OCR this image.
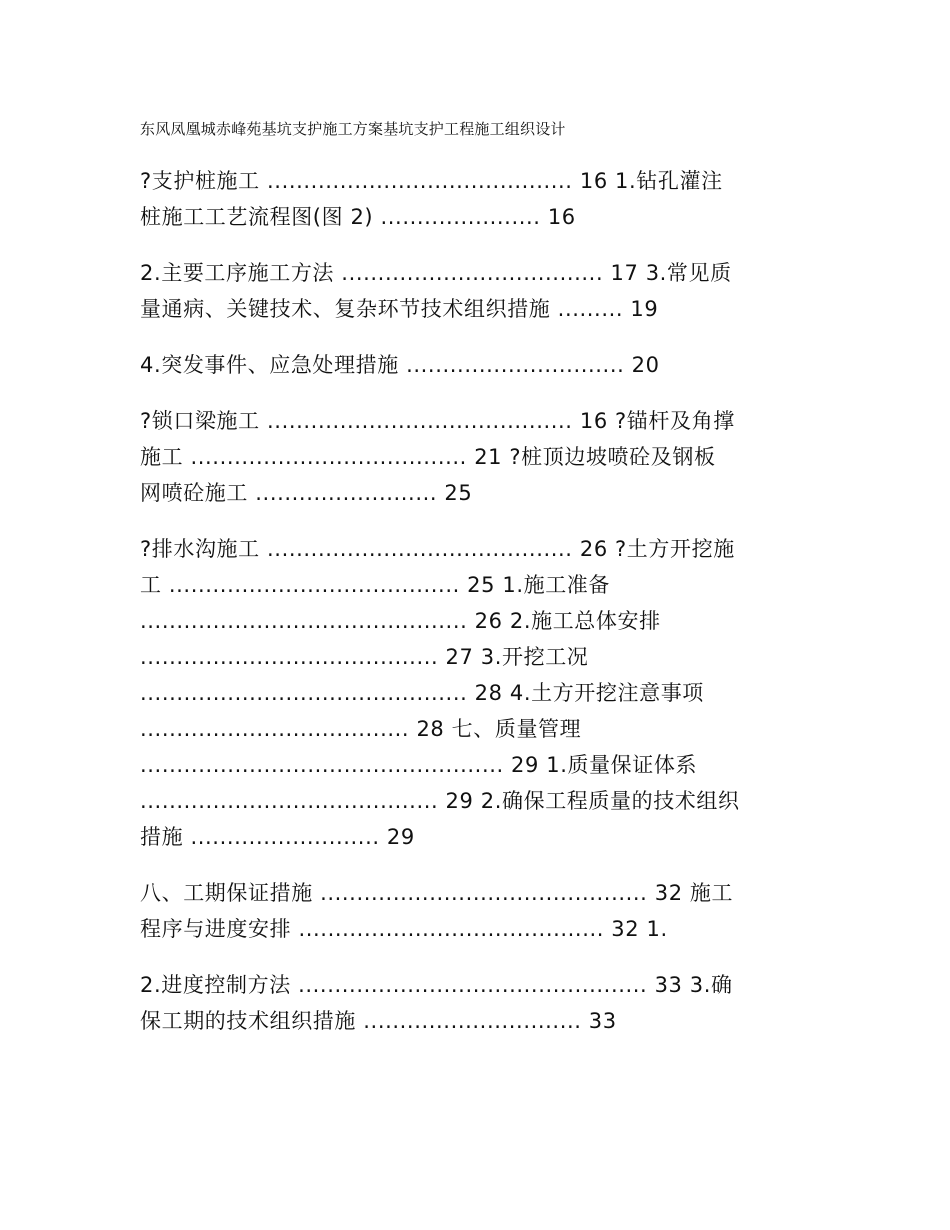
东风凤凰城赤峰苑基坑支护施工方案基坑支护工程施工组织设计

?支护桩施工 .......................................... 16 1.钻孔灌注
桩施工工艺流程图(图 2) ...................... 16

2.主要工序施工方法 .................................... 17 3.常见质
量通病、关键技术、复杂环节技术组织措施 ......... 19

4.突发事件、应急处理措施 .............................. 20

?锁口梁施工 .......................................... 16 ?锚杆及角撑
施工 ...................................... 21 ?桩顶边坡喷砼及钢板
网喷砼施工 ......................... 25

?排水沟施工 .......................................... 26 ?土方开挖施
工 ........................................ 25 1.施工准备
............................................. 26 2.施工总体安排
......................................... 27 3.开挖工况
............................................. 28 4.土方开挖注意事项
..................................... 28 七、质量管理
.................................................. 29 1.质量保证体系
......................................... 29 2.确保工程质量的技术组织
措施 .......................... 29

八、工期保证措施 ............................................. 32 施工
程序与进度安排 .......................................... 32 1.

2.进度控制方法 ................................................ 33 3.确
保工期的技术组织措施 .............................. 33
